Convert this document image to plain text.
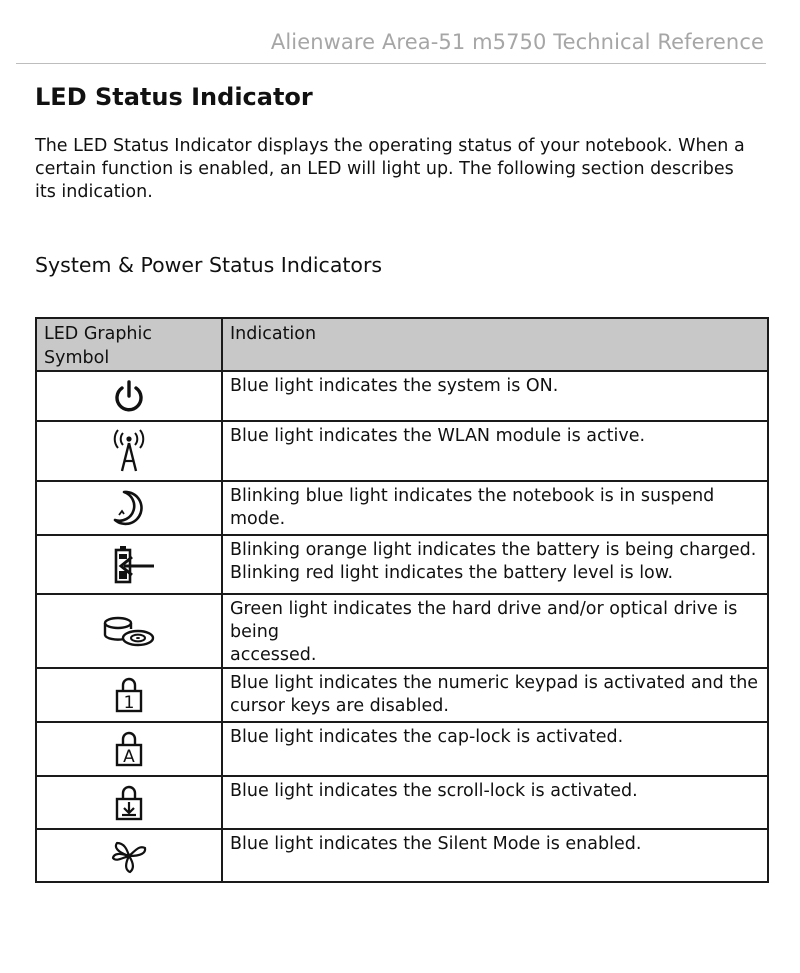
Alienware Area-51 m5750 Technical Reference
LED Status Indicator

The LED Status Indicator displays the operating status of your notebook. When a certain function is enabled, an LED will light up. The following section describes its indication.

System & Power Status Indicators
LED Graphic Symbol	Indication

Blue light indicates the system is ON.

Blue light indicates the WLAN module is active.

Blinking blue light indicates the notebook is in suspend mode.

Blinking orange light indicates the battery is being charged.
Blinking red light indicates the battery level is low.

Green light indicates the hard drive and/or optical drive is being
accessed.

1	Blue light indicates the numeric keypad is activated and the
cursor keys are disabled.

A	Blue light indicates the cap-lock is activated.

Blue light indicates the scroll-lock is activated.

Blue light indicates the Silent Mode is enabled.
